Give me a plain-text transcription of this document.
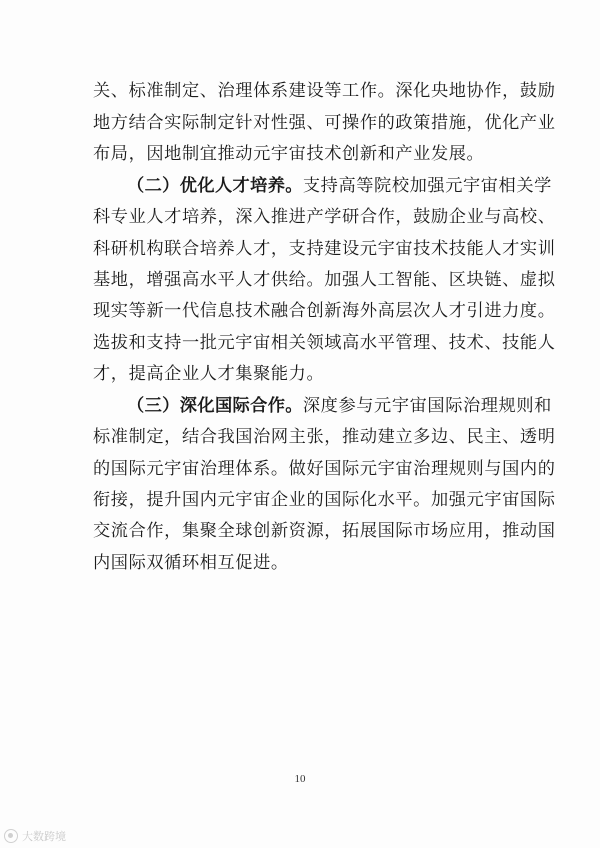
关、标准制定、治理体系建设等工作。深化央地协作，鼓励
地方结合实际制定针对性强、可操作的政策措施，优化产业
布局，因地制宜推动元宇宙技术创新和产业发展。
（二）优化人才培养。支持高等院校加强元宇宙相关学
科专业人才培养，深入推进产学研合作，鼓励企业与高校、
科研机构联合培养人才，支持建设元宇宙技术技能人才实训
基地，增强高水平人才供给。加强人工智能、区块链、虚拟
现实等新一代信息技术融合创新海外高层次人才引进力度。
选拔和支持一批元宇宙相关领域高水平管理、技术、技能人
才，提高企业人才集聚能力。
（三）深化国际合作。深度参与元宇宙国际治理规则和
标准制定，结合我国治网主张，推动建立多边、民主、透明
的国际元宇宙治理体系。做好国际元宇宙治理规则与国内的
衔接，提升国内元宇宙企业的国际化水平。加强元宇宙国际
交流合作，集聚全球创新资源，拓展国际市场应用，推动国
内国际双循环相互促进。
10
大数跨境
